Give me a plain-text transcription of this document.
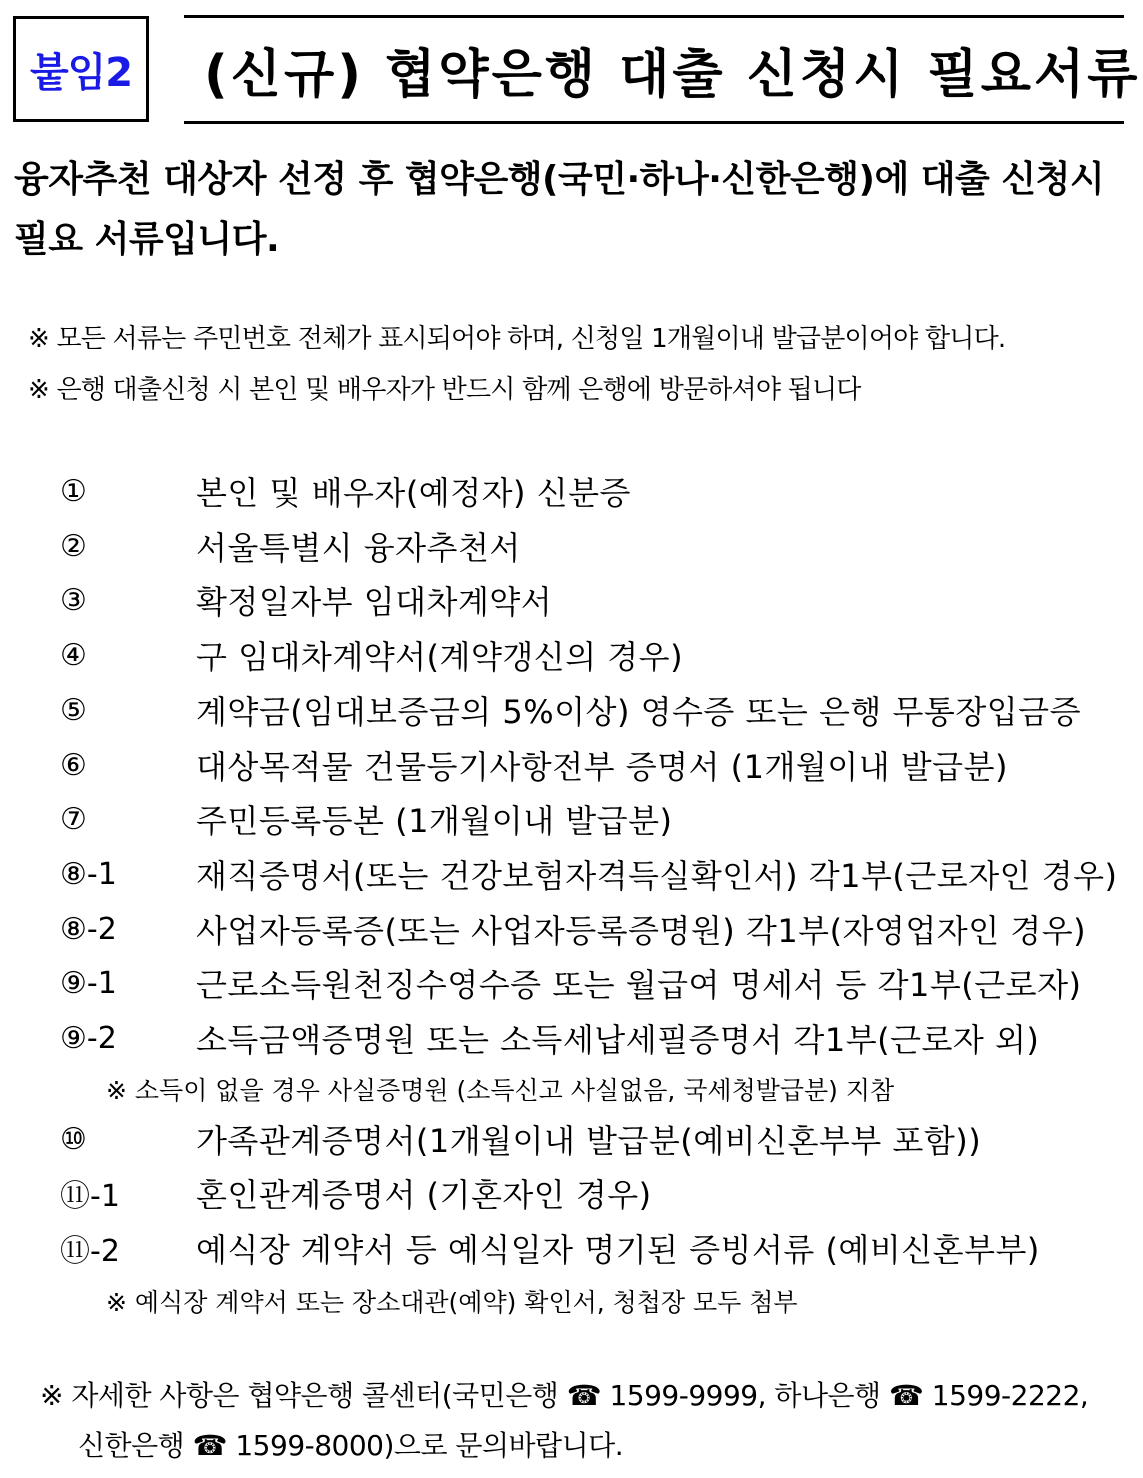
붙임2	(신규) 협약은행 대출 신청시 필요서류
융자추천 대상자 선정 후 협약은행(국민·하나·신한은행)에 대출 신청시 필요 서류입니다.
※ 모든 서류는 주민번호 전체가 표시되어야 하며, 신청일 1개월이내 발급분이어야 합니다.
※ 은행 대출신청 시 본인 및 배우자가 반드시 함께 은행에 방문하셔야 됩니다
①	본인 및 배우자(예정자) 신분증
②	서울특별시 융자추천서
③	확정일자부 임대차계약서
④	구 임대차계약서(계약갱신의 경우)
⑤	계약금(임대보증금의 5%이상) 영수증 또는 은행 무통장입금증
⑥	대상목적물 건물등기사항전부 증명서 (1개월이내 발급분)
⑦	주민등록등본 (1개월이내 발급분)
⑧-1	재직증명서(또는 건강보험자격득실확인서) 각1부(근로자인 경우)
⑧-2	사업자등록증(또는 사업자등록증명원) 각1부(자영업자인 경우)
⑨-1	근로소득원천징수영수증 또는 월급여 명세서 등 각1부(근로자)
⑨-2	소득금액증명원 또는 소득세납세필증명서 각1부(근로자 외)
※ 소득이 없을 경우 사실증명원 (소득신고 사실없음, 국세청발급분) 지참
⑩	가족관계증명서(1개월이내 발급분(예비신혼부부 포함))
⑪-1	혼인관계증명서 (기혼자인 경우)
⑪-2	예식장 계약서 등 예식일자 명기된 증빙서류 (예비신혼부부)
※ 예식장 계약서 또는 장소대관(예약) 확인서, 청첩장 모두 첨부
※ 자세한 사항은 협약은행 콜센터(국민은행 ☎ 1599-9999, 하나은행 ☎ 1599-2222,
신한은행 ☎ 1599-8000)으로 문의바랍니다.
